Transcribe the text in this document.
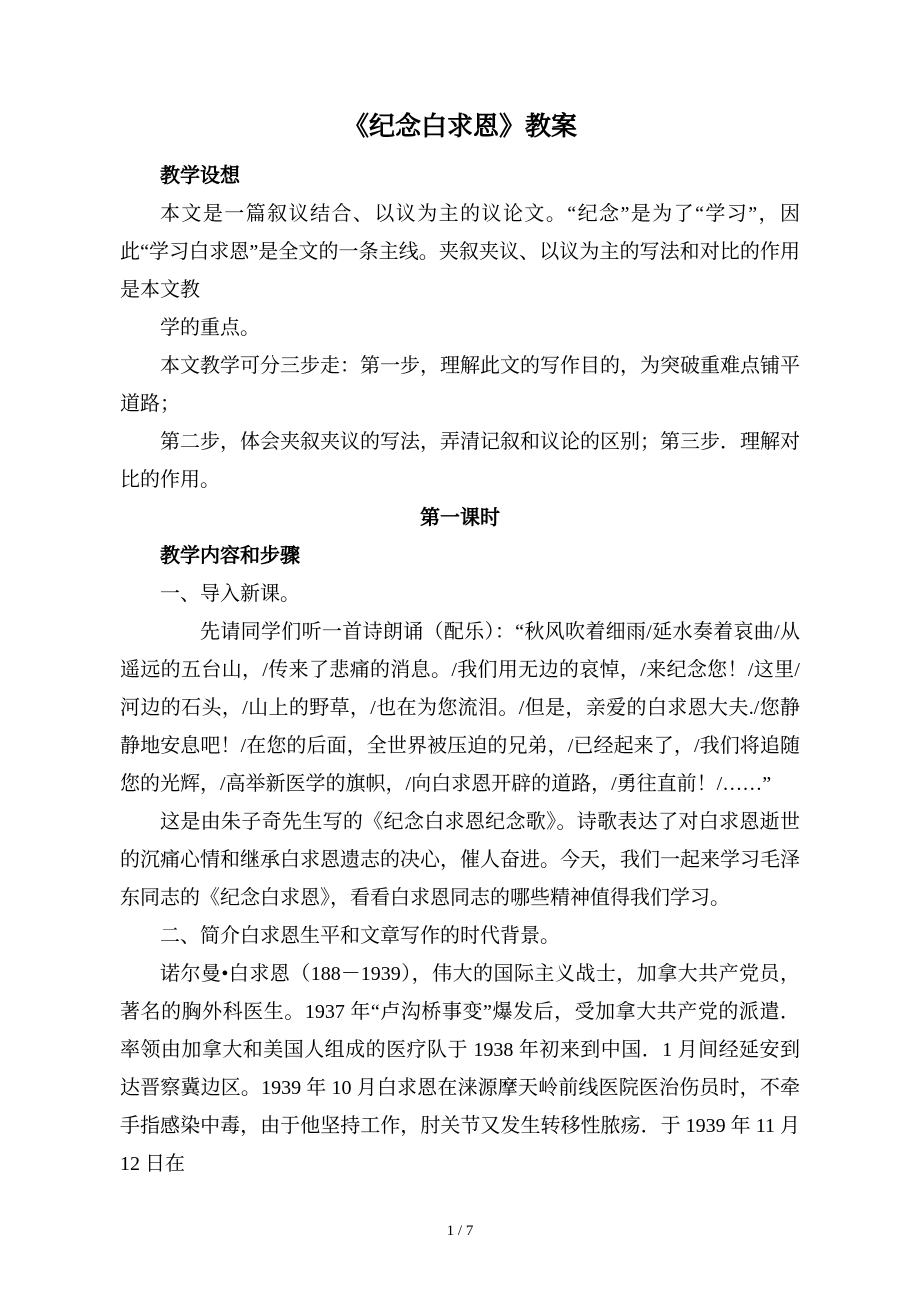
《纪念白求恩》教案

教学设想

本文是一篇叙议结合、以议为主的议论文。“纪念”是为了“学习”，因此“学习白求恩”是全文的一条主线。夹叙夹议、以议为主的写法和对比的作用是本文教

学的重点。

本文教学可分三步走：第一步，理解此文的写作目的，为突破重难点铺平道路；

第二步，体会夹叙夹议的写法，弄清记叙和议论的区别；第三步．理解对比的作用。

第一课时

教学内容和步骤

一、导入新课。

先请同学们听一首诗朗诵（配乐）：“秋风吹着细雨/延水奏着哀曲/从遥远的五台山，/传来了悲痛的消息。/我们用无边的哀悼，/来纪念您！/这里/河边的石头，/山上的野草，/也在为您流泪。/但是，亲爱的白求恩大夫./您静静地安息吧！/在您的后面，全世界被压迫的兄弟，/已经起来了，/我们将追随您的光辉，/高举新医学的旗帜，/向白求恩开辟的道路，/勇往直前！/……”

这是由朱子奇先生写的《纪念白求恩纪念歌》。诗歌表达了对白求恩逝世的沉痛心情和继承白求恩遗志的决心，催人奋进。今天，我们一起来学习毛泽东同志的《纪念白求恩》，看看白求恩同志的哪些精神值得我们学习。

二、简介白求恩生平和文章写作的时代背景。

诺尔曼•白求恩（188－1939），伟大的国际主义战士，加拿大共产党员，著名的胸外科医生。1937 年“卢沟桥事变”爆发后，受加拿大共产党的派遣．率领由加拿大和美国人组成的医疗队于 1938 年初来到中国．1 月间经延安到达晋察冀边区。1939 年 10 月白求恩在涞源摩天岭前线医院医治伤员时，不牵手指感染中毒，由于他坚持工作，肘关节又发生转移性脓疡．于 1939 年 11 月 12 日在

1 / 7
